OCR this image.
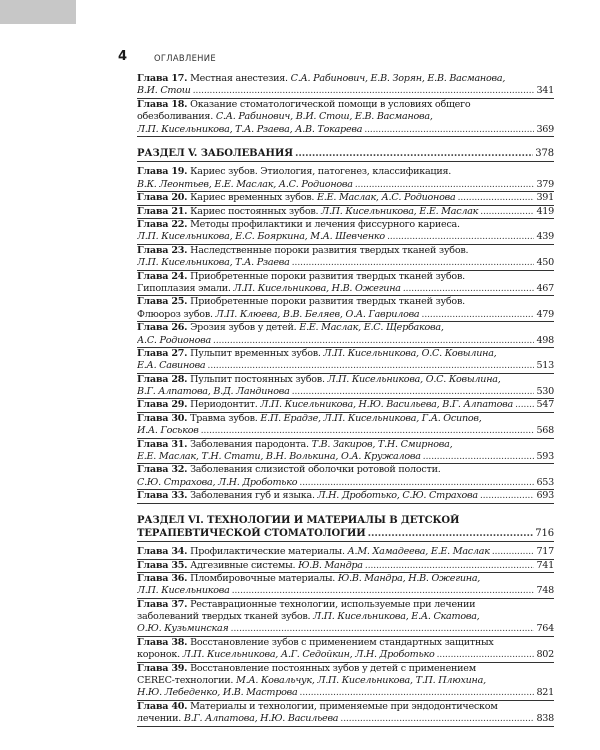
4	ОГЛАВЛЕНИЕ
Глава 17. Местная анестезия. С.А. Рабинович, Е.В. Зорян, Е.В. Васманова,
В.И. Стош .....	341
Глава 18. Оказание стоматологической помощи в условиях общего
обезболивания. С.А. Рабинович, В.И. Стош, Е.В. Васманова,
Л.П. Кисельникова, Т.А. Рзаева, А.В. Токарева .....	369
РАЗДЕЛ V. ЗАБОЛЕВАНИЯ .....	378
Глава 19. Кариес зубов. Этиология, патогенез, классификация.
В.К. Леонтьев, Е.Е. Маслак, А.С. Родионова .....	379
Глава 20. Кариес временных зубов. Е.Е. Маслак, А.С. Родионова .....	391
Глава 21. Кариес постоянных зубов. Л.П. Кисельникова, Е.Е. Маслак .....	419
Глава 22. Методы профилактики и лечения фиссурного кариеса.
Л.П. Кисельникова, Е.С. Бояркина, М.А. Шевченко .....	439
Глава 23. Наследственные пороки развития твердых тканей зубов.
Л.П. Кисельникова, Т.А. Рзаева .....	450
Глава 24. Приобретенные пороки развития твердых тканей зубов.
Гипоплазия эмали. Л.П. Кисельникова, Н.В. Ожегина .....	467
Глава 25. Приобретенные пороки развития твердых тканей зубов.
Флюороз зубов. Л.П. Клюева, В.В. Беляев, О.А. Гаврилова .....	479
Глава 26. Эрозия зубов у детей. Е.Е. Маслак, Е.С. Щербакова,
А.С. Родионова .....	498
Глава 27. Пульпит временных зубов. Л.П. Кисельникова, О.С. Ковылина,
Е.А. Савинова .....	513
Глава 28. Пульпит постоянных зубов. Л.П. Кисельникова, О.С. Ковылина,
В.Г. Алпатова, В.Д. Ландинова .....	530
Глава 29. Периодонтит. Л.П. Кисельникова, Н.Ю. Васильева, В.Г. Алпатова ..... 547
Глава 30. Травма зубов. Е.П. Ерадзе, Л.П. Кисельникова, Г.А. Осипов,
И.А. Госьков .....	568
Глава 31. Заболевания пародонта. Т.В. Закиров, Т.Н. Смирнова,
Е.Е. Маслак, Т.Н. Стати, В.Н. Волькина, О.А. Кружалова .....	593
Глава 32. Заболевания слизистой оболочки ротовой полости.
С.Ю. Страхова, Л.Н. Дроботько .....	653
Глава 33. Заболевания губ и языка. Л.Н. Дроботько, С.Ю. Страхова .....	693
РАЗДЕЛ VI. ТЕХНОЛОГИИ И МАТЕРИАЛЫ В ДЕТСКОЙ
ТЕРАПЕВТИЧЕСКОЙ СТОМАТОЛОГИИ .....	716
Глава 34. Профилактические материалы. А.М. Хамадеева, Е.Е. Маслак .....	717
Глава 35. Адгезивные системы. Ю.В. Мандра .....	741
Глава 36. Пломбировочные материалы. Ю.В. Мандра, Н.В. Ожегина,
Л.П. Кисельникова .....	748
Глава 37. Реставрационные технологии, используемые при лечении
заболеваний твердых тканей зубов. Л.П. Кисельникова, Е.А. Скатова,
О.Ю. Кузьминская .....	764
Глава 38. Восстановление зубов с применением стандартных защитных
коронок. Л.П. Кисельникова, А.Г. Седойкин, Л.Н. Дроботько .....	802
Глава 39. Восстановление постоянных зубов у детей с применением
CEREC-технологии. М.А. Ковальчук, Л.П. Кисельникова, Т.П. Плюхина,
Н.Ю. Лебеденко, И.В. Мастрова .....	821
Глава 40. Материалы и технологии, применяемые при эндодонтическом
лечении. В.Г. Алпатова, Н.Ю. Васильева .....	838
